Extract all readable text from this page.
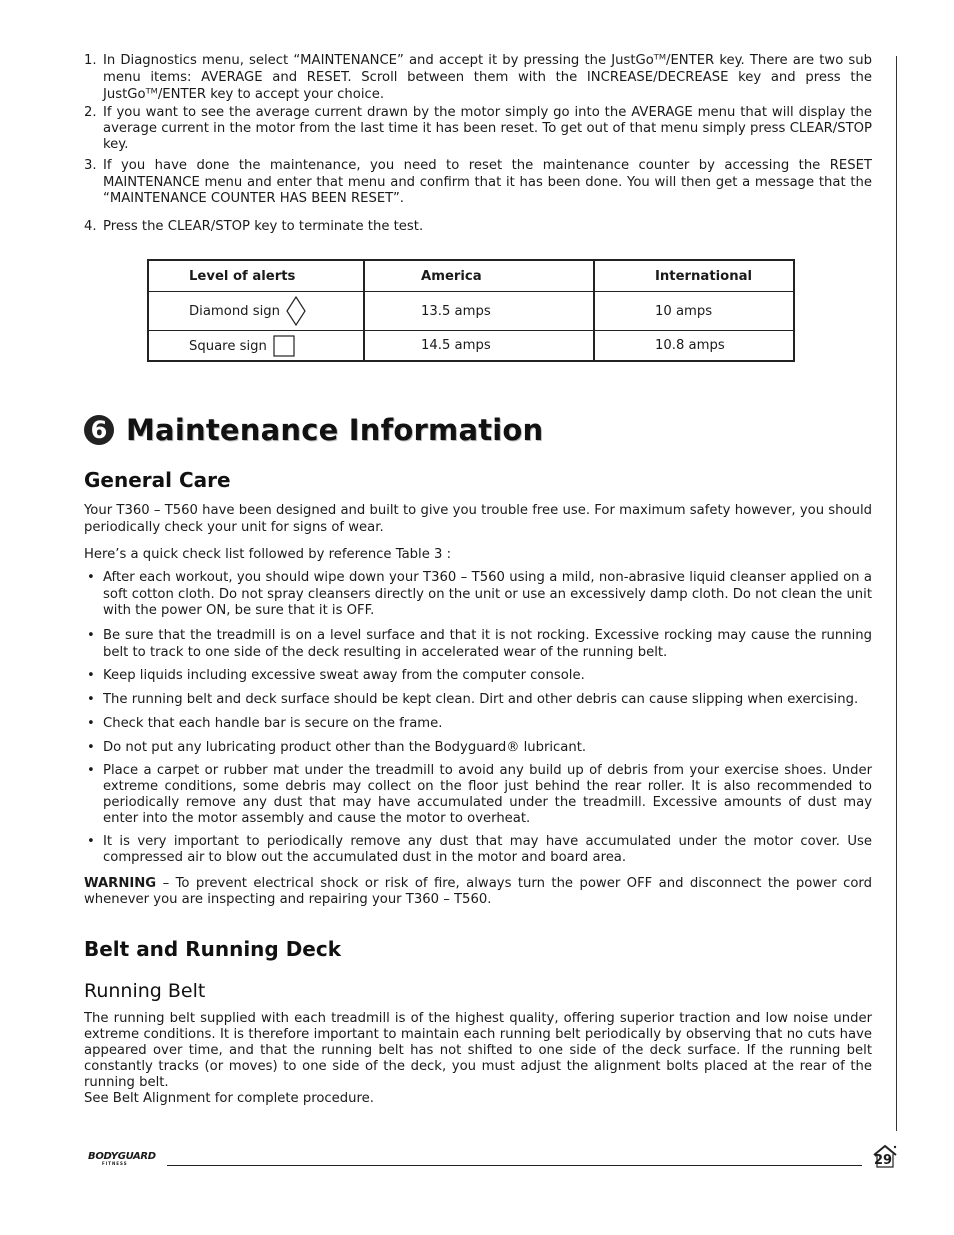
1. In Diagnostics menu, select “MAINTENANCE” and accept it by pressing the JustGoᵀᴹ/ENTER key. There are two sub menu items: AVERAGE and RESET. Scroll between them with the INCREASE/DECREASE key and press the JustGoᵀᴹ/ENTER key to accept your choice.
2. If you want to see the average current drawn by the motor simply go into the AVERAGE menu that will display the average current in the motor from the last time it has been reset. To get out of that menu simply press CLEAR/STOP key.
3. If you have done the maintenance, you need to reset the maintenance counter by accessing the RESET MAINTENANCE menu and enter that menu and confirm that it has been done. You will then get a message that the “MAINTENANCE COUNTER HAS BEEN RESET”.
4. Press the CLEAR/STOP key to terminate the test.
Level of alerts	America	International
Diamond sign	13.5 amps	10 amps
Square sign	14.5 amps	10.8 amps
6 Maintenance Information
General Care

Your T360 – T560 have been designed and built to give you trouble free use. For maximum safety however, you should periodically check your unit for signs of wear.

Here’s a quick check list followed by reference Table 3 :

• After each workout, you should wipe down your T360 – T560 using a mild, non-abrasive liquid cleanser applied on a soft cotton cloth. Do not spray cleansers directly on the unit or use an excessively damp cloth. Do not clean the unit with the power ON, be sure that it is OFF.
• Be sure that the treadmill is on a level surface and that it is not rocking. Excessive rocking may cause the running belt to track to one side of the deck resulting in accelerated wear of the running belt.
• Keep liquids including excessive sweat away from the computer console.
• The running belt and deck surface should be kept clean. Dirt and other debris can cause slipping when exercising.
• Check that each handle bar is secure on the frame.
• Do not put any lubricating product other than the Bodyguard® lubricant.
• Place a carpet or rubber mat under the treadmill to avoid any build up of debris from your exercise shoes. Under extreme conditions, some debris may collect on the floor just behind the rear roller. It is also recommended to periodically remove any dust that may have accumulated under the treadmill. Excessive amounts of dust may enter into the motor assembly and cause the motor to overheat.
• It is very important to periodically remove any dust that may have accumulated under the motor cover. Use compressed air to blow out the accumulated dust in the motor and board area.

WARNING – To prevent electrical shock or risk of fire, always turn the power OFF and disconnect the power cord whenever you are inspecting and repairing your T360 – T560.

Belt and Running Deck
Running Belt

The running belt supplied with each treadmill is of the highest quality, offering superior traction and low noise under extreme conditions. It is therefore important to maintain each running belt periodically by observing that no cuts have appeared over time, and that the running belt has not shifted to one side of the deck surface. If the running belt constantly tracks (or moves) to one side of the deck, you must adjust the alignment bolts placed at the rear of the running belt.

See Belt Alignment for complete procedure.

BODYGUARD
FITNESS	29
